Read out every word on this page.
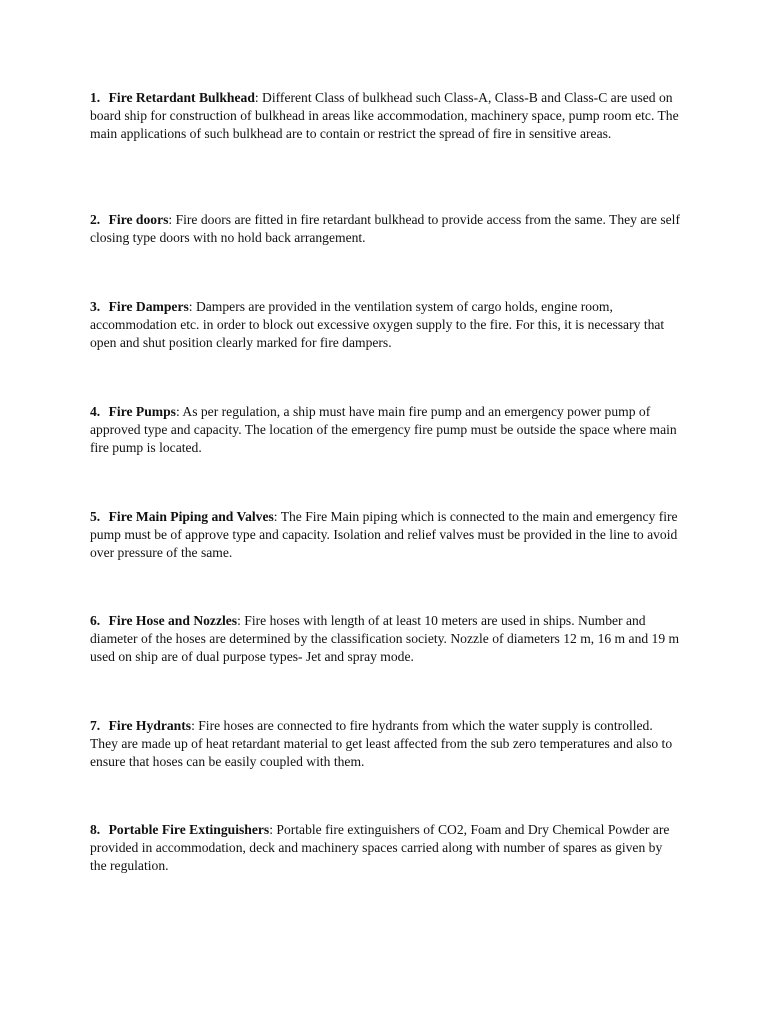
1. Fire Retardant Bulkhead: Different Class of bulkhead such Class-A, Class-B and Class-C are used on board ship for construction of bulkhead in areas like accommodation, machinery space, pump room etc. The main applications of such bulkhead are to contain or restrict the spread of fire in sensitive areas.

2. Fire doors: Fire doors are fitted in fire retardant bulkhead to provide access from the same. They are self closing type doors with no hold back arrangement.

3. Fire Dampers: Dampers are provided in the ventilation system of cargo holds, engine room, accommodation etc. in order to block out excessive oxygen supply to the fire. For this, it is necessary that open and shut position clearly marked for fire dampers.

4. Fire Pumps: As per regulation, a ship must have main fire pump and an emergency power pump of approved type and capacity. The location of the emergency fire pump must be outside the space where main fire pump is located.

5. Fire Main Piping and Valves: The Fire Main piping which is connected to the main and emergency fire pump must be of approve type and capacity. Isolation and relief valves must be provided in the line to avoid over pressure of the same.

6. Fire Hose and Nozzles: Fire hoses with length of at least 10 meters are used in ships. Number and diameter of the hoses are determined by the classification society. Nozzle of diameters 12 m, 16 m and 19 m used on ship are of dual purpose types- Jet and spray mode.

7. Fire Hydrants: Fire hoses are connected to fire hydrants from which the water supply is controlled. They are made up of heat retardant material to get least affected from the sub zero temperatures and also to ensure that hoses can be easily coupled with them.

8. Portable Fire Extinguishers: Portable fire extinguishers of CO2, Foam and Dry Chemical Powder are provided in accommodation, deck and machinery spaces carried along with number of spares as given by the regulation.
